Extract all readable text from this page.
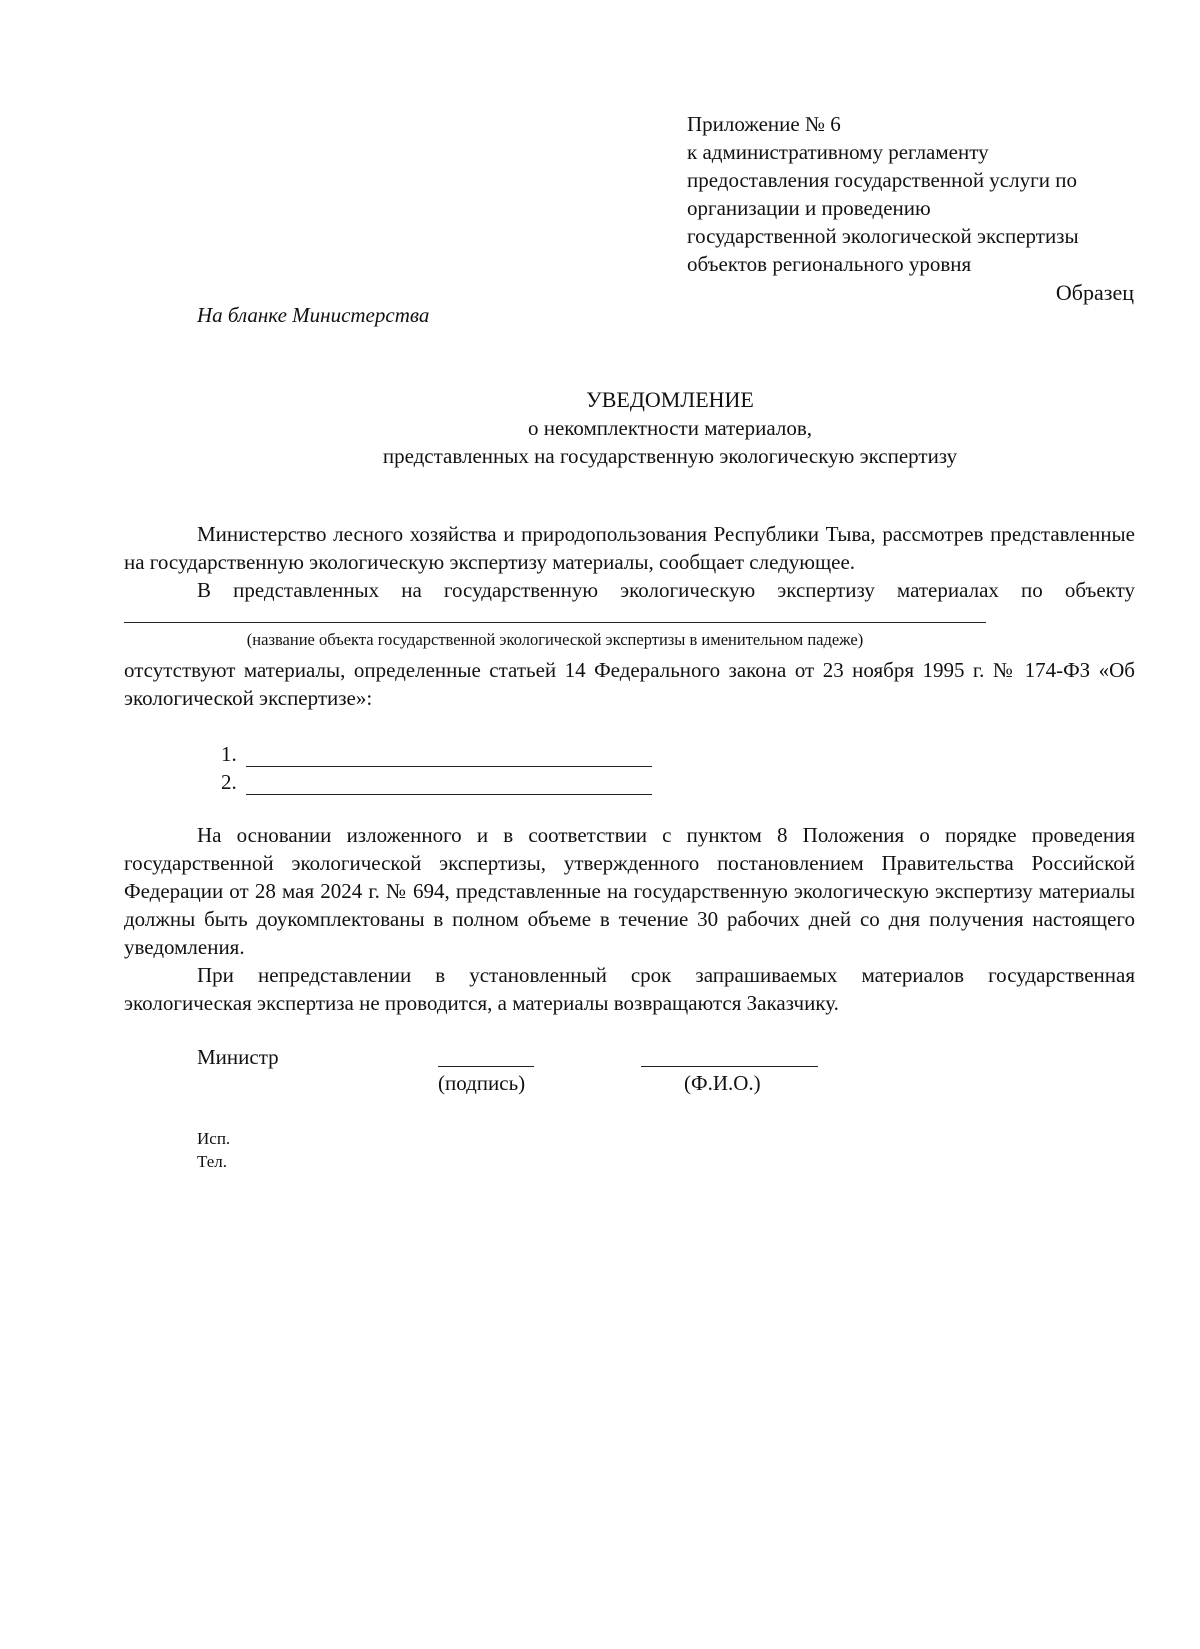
Приложение № 6
к административному регламенту
предоставления государственной услуги по
организации и проведению
государственной экологической экспертизы
объектов регионального уровня
Образец
На бланке Министерства
УВЕДОМЛЕНИЕ
о некомплектности материалов,
представленных на государственную экологическую экспертизу
Министерство лесного хозяйства и природопользования Республики Тыва, рассмотрев представленные на государственную экологическую экспертизу материалы, сообщает следующее.
В представленных на государственную экологическую экспертизу материалах по объекту
(название объекта государственной экологической экспертизы в именительном падеже)
отсутствуют материалы, определенные статьей 14 Федерального закона от 23 ноября 1995 г. № 174-ФЗ «Об экологической экспертизе»:
1.
2.
На основании изложенного и в соответствии с пунктом 8 Положения о порядке проведения государственной экологической экспертизы, утвержденного постановлением Правительства Российской Федерации от 28 мая 2024 г. № 694, представленные на государственную экологическую экспертизу материалы должны быть доукомплектованы в полном объеме в течение 30 рабочих дней со дня получения настоящего уведомления.
При непредставлении в установленный срок запрашиваемых материалов государственная экологическая экспертиза не проводится, а материалы возвращаются Заказчику.
Министр
(подпись)	(Ф.И.О.)
Исп.
Тел.
